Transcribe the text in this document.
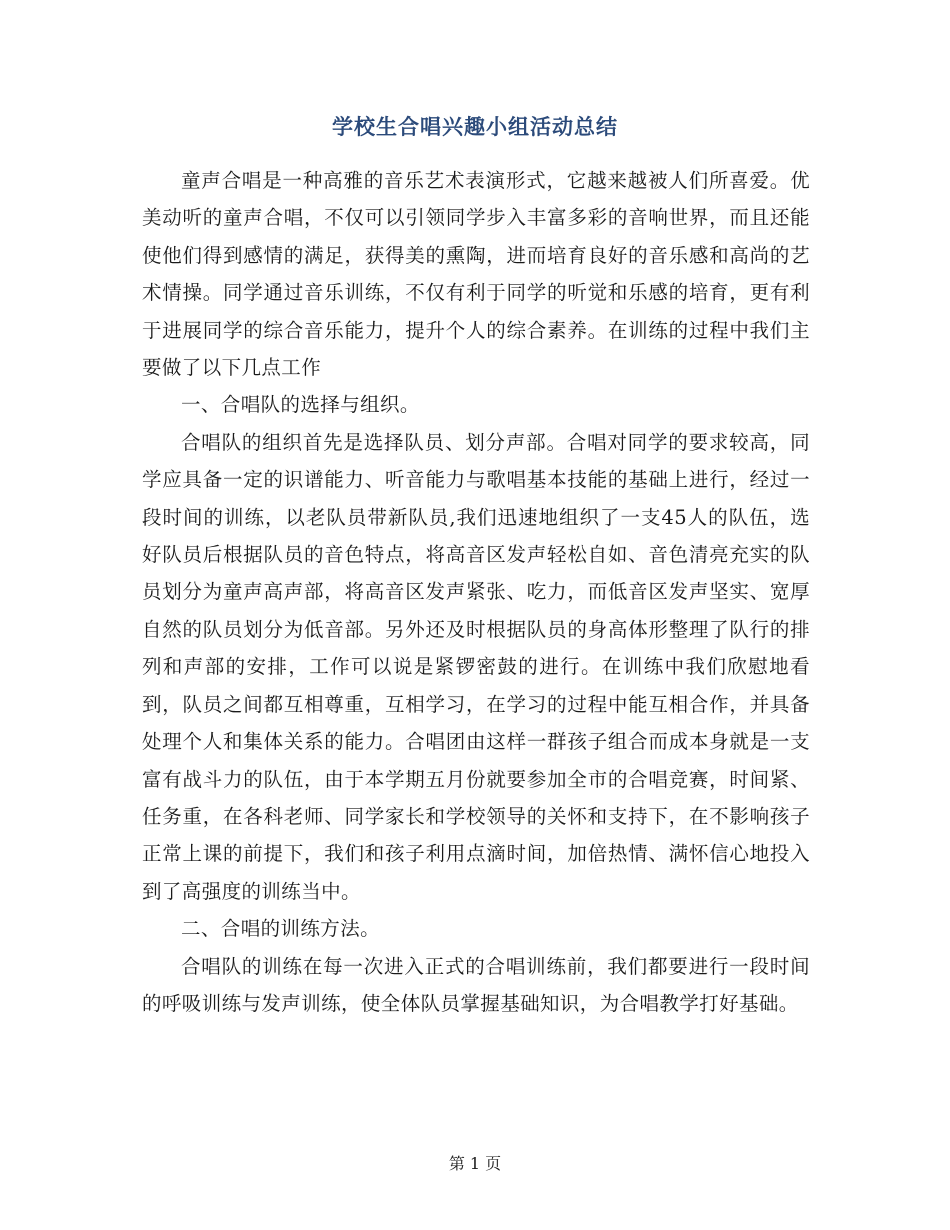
学校生合唱兴趣小组活动总结

童声合唱是一种高雅的音乐艺术表演形式，它越来越被人们所喜爱。优美动听的童声合唱，不仅可以引领同学步入丰富多彩的音响世界，而且还能使他们得到感情的满足，获得美的熏陶，进而培育良好的音乐感和高尚的艺术情操。同学通过音乐训练，不仅有利于同学的听觉和乐感的培育，更有利于进展同学的综合音乐能力，提升个人的综合素养。在训练的过程中我们主要做了以下几点工作

一、合唱队的选择与组织。

合唱队的组织首先是选择队员、划分声部。合唱对同学的要求较高，同学应具备一定的识谱能力、听音能力与歌唱基本技能的基础上进行，经过一段时间的训练，以老队员带新队员,我们迅速地组织了一支45人的队伍，选好队员后根据队员的音色特点，将高音区发声轻松自如、音色清亮充实的队员划分为童声高声部，将高音区发声紧张、吃力，而低音区发声坚实、宽厚自然的队员划分为低音部。另外还及时根据队员的身高体形整理了队行的排列和声部的安排，工作可以说是紧锣密鼓的进行。在训练中我们欣慰地看到，队员之间都互相尊重，互相学习，在学习的过程中能互相合作，并具备处理个人和集体关系的能力。合唱团由这样一群孩子组合而成本身就是一支富有战斗力的队伍，由于本学期五月份就要参加全市的合唱竞赛，时间紧、任务重，在各科老师、同学家长和学校领导的关怀和支持下，在不影响孩子正常上课的前提下，我们和孩子利用点滴时间，加倍热情、满怀信心地投入到了高强度的训练当中。

二、合唱的训练方法。

合唱队的训练在每一次进入正式的合唱训练前，我们都要进行一段时间的呼吸训练与发声训练，使全体队员掌握基础知识，为合唱教学打好基础。

第 1 页
